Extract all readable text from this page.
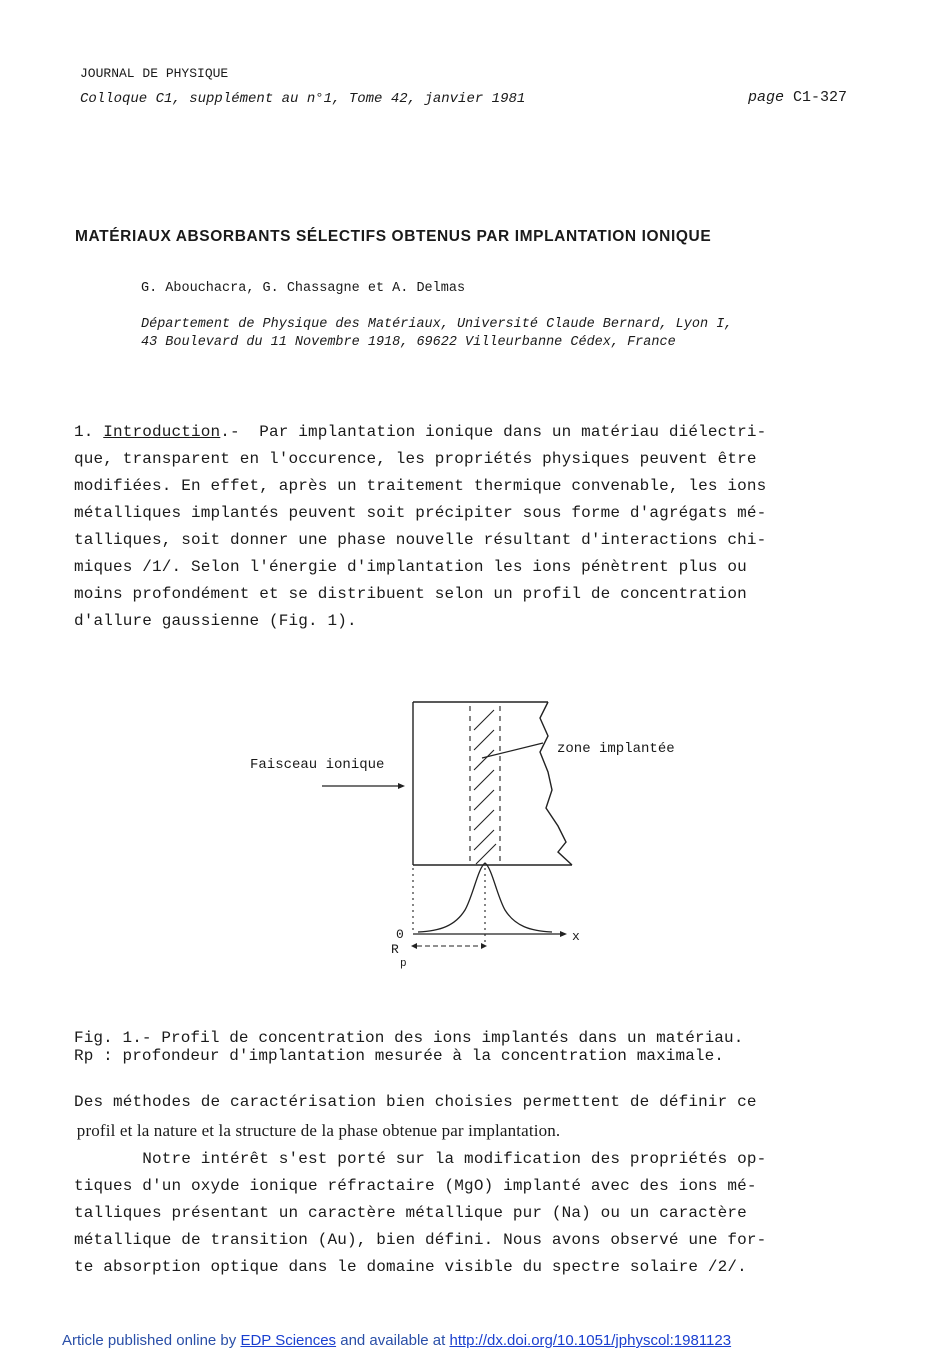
JOURNAL DE PHYSIQUE
Colloque C1, supplément au n°1, Tome 42, janvier 1981	page C1-327
MATÉRIAUX ABSORBANTS SÉLECTIFS OBTENUS PAR IMPLANTATION IONIQUE
G. Abouchacra, G. Chassagne et A. Delmas
Département de Physique des Matériaux, Université Claude Bernard, Lyon I,
43 Boulevard du 11 Novembre 1918, 69622 Villeurbanne Cédex, France
1. Introduction.-  Par implantation ionique dans un matériau diélectri-
que, transparent en l'occurence, les propriétés physiques peuvent être
modifiées. En effet, après un traitement thermique convenable, les ions
métalliques implantés peuvent soit précipiter sous forme d'agrégats mé-
talliques, soit donner une phase nouvelle résultant d'interactions chi-
miques /1/. Selon l'énergie d'implantation les ions pénètrent plus ou
moins profondément et se distribuent selon un profil de concentration
d'allure gaussienne (Fig. 1).
Faisceau ionique
zone implantée
0	x
R
p
Fig. 1.- Profil de concentration des ions implantés dans un matériau.
Rp : profondeur d'implantation mesurée à la concentration maximale.
Des méthodes de caractérisation bien choisies permettent de définir ce
profil et la nature et la structure de la phase obtenue par implantation.
Notre intérêt s'est porté sur la modification des propriétés op-
tiques d'un oxyde ionique réfractaire (MgO) implanté avec des ions mé-
talliques présentant un caractère métallique pur (Na) ou un caractère
métallique de transition (Au), bien défini. Nous avons observé une for-
te absorption optique dans le domaine visible du spectre solaire /2/.
Article published online by EDP Sciences and available at http://dx.doi.org/10.1051/jphyscol:1981123
